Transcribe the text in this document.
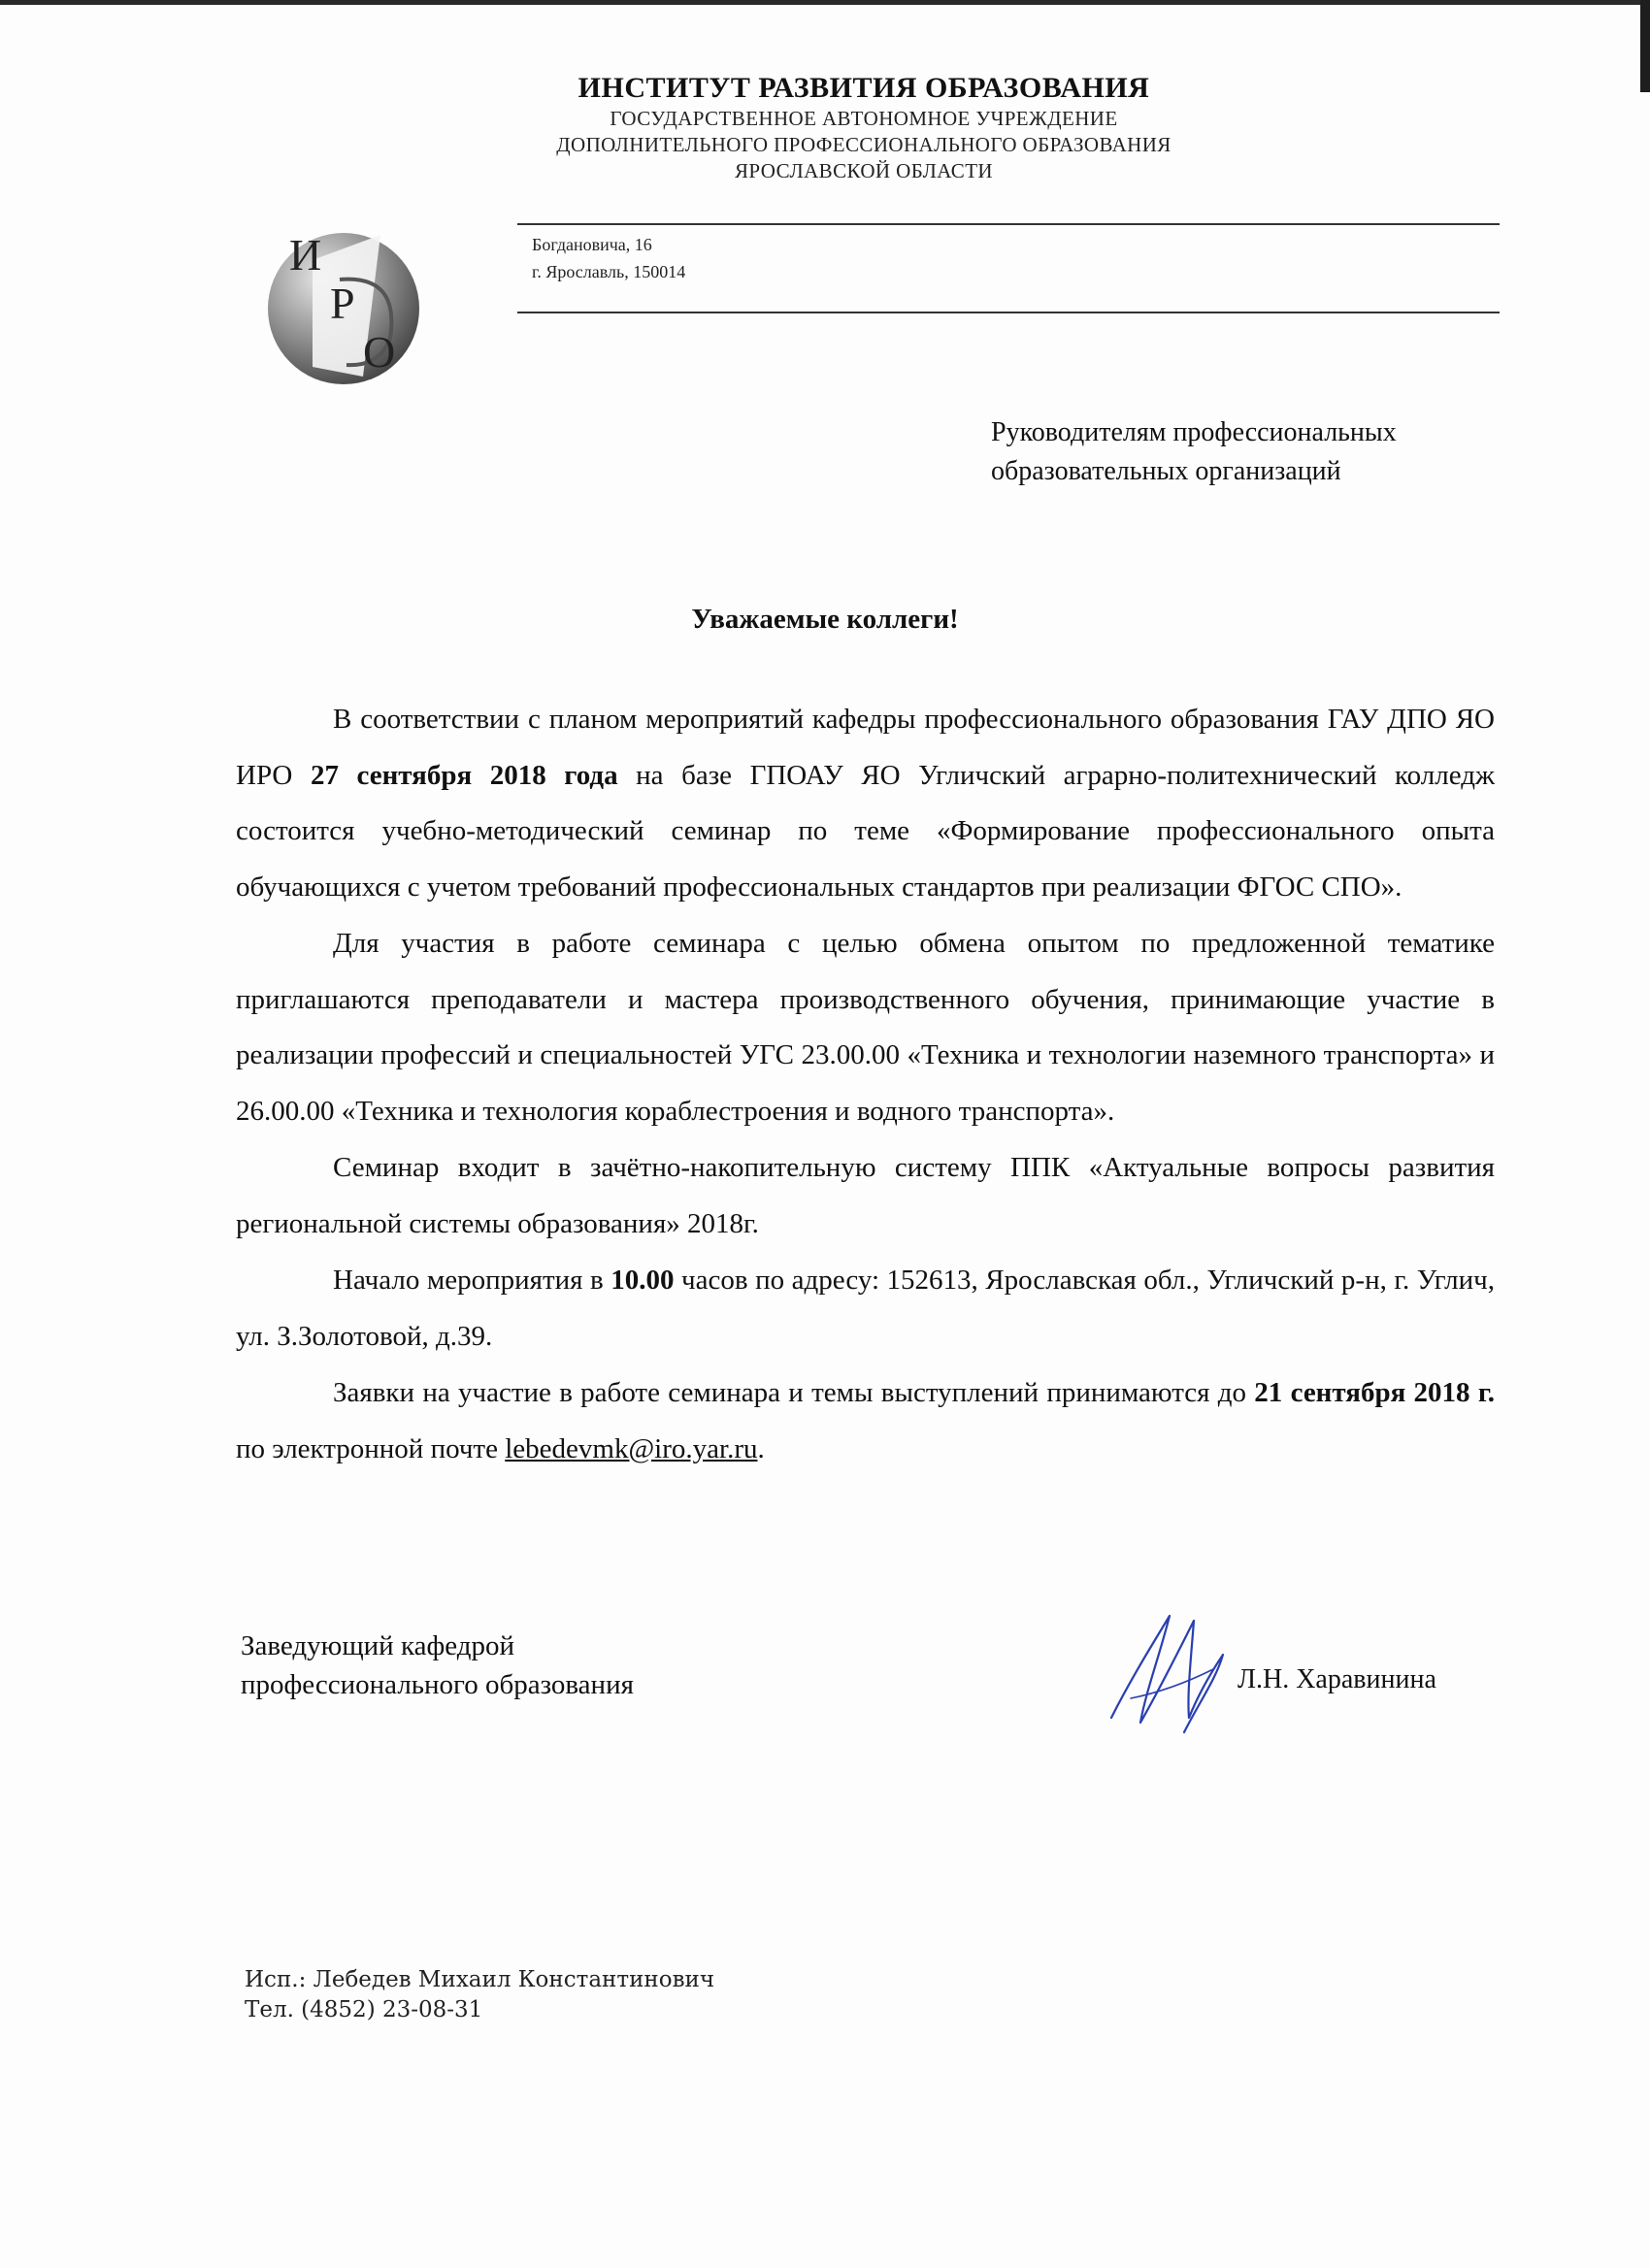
ИНСТИТУТ РАЗВИТИЯ ОБРАЗОВАНИЯ
ГОСУДАРСТВЕННОЕ АВТОНОМНОЕ УЧРЕЖДЕНИЕ
ДОПОЛНИТЕЛЬНОГО ПРОФЕССИОНАЛЬНОГО ОБРАЗОВАНИЯ
ЯРОСЛАВСКОЙ ОБЛАСТИ
И
Р
О
Богдановича, 16
г. Ярославль, 150014
Руководителям профессиональных
образовательных организаций
Уважаемые коллеги!

В соответствии с планом мероприятий кафедры профессионального образования ГАУ ДПО ЯО ИРО 27 сентября 2018 года на базе ГПОАУ ЯО Угличский аграрно-политехнический колледж состоится учебно-методический семинар по теме «Формирование профессионального опыта обучающихся с учетом требований профессиональных стандартов при реализации ФГОС СПО».

Для участия в работе семинара с целью обмена опытом по предложенной тематике приглашаются преподаватели и мастера производственного обучения, принимающие участие в реализации профессий и специальностей УГС 23.00.00 «Техника и технологии наземного транспорта» и 26.00.00 «Техника и технология кораблестроения и водного транспорта».

Семинар входит в зачётно-накопительную систему ППК «Актуальные вопросы развития региональной системы образования» 2018г.

Начало мероприятия в 10.00 часов по адресу: 152613, Ярославская обл., Угличский р-н, г. Углич, ул. З.Золотовой, д.39.

Заявки на участие в работе семинара и темы выступлений принимаются до 21 сентября 2018 г. по электронной почте lebedevmk@iro.yar.ru.

Заведующий кафедрой
профессионального образования	Л.Н. Харавинина
Исп.: Лебедев Михаил Константинович
Тел. (4852) 23-08-31
